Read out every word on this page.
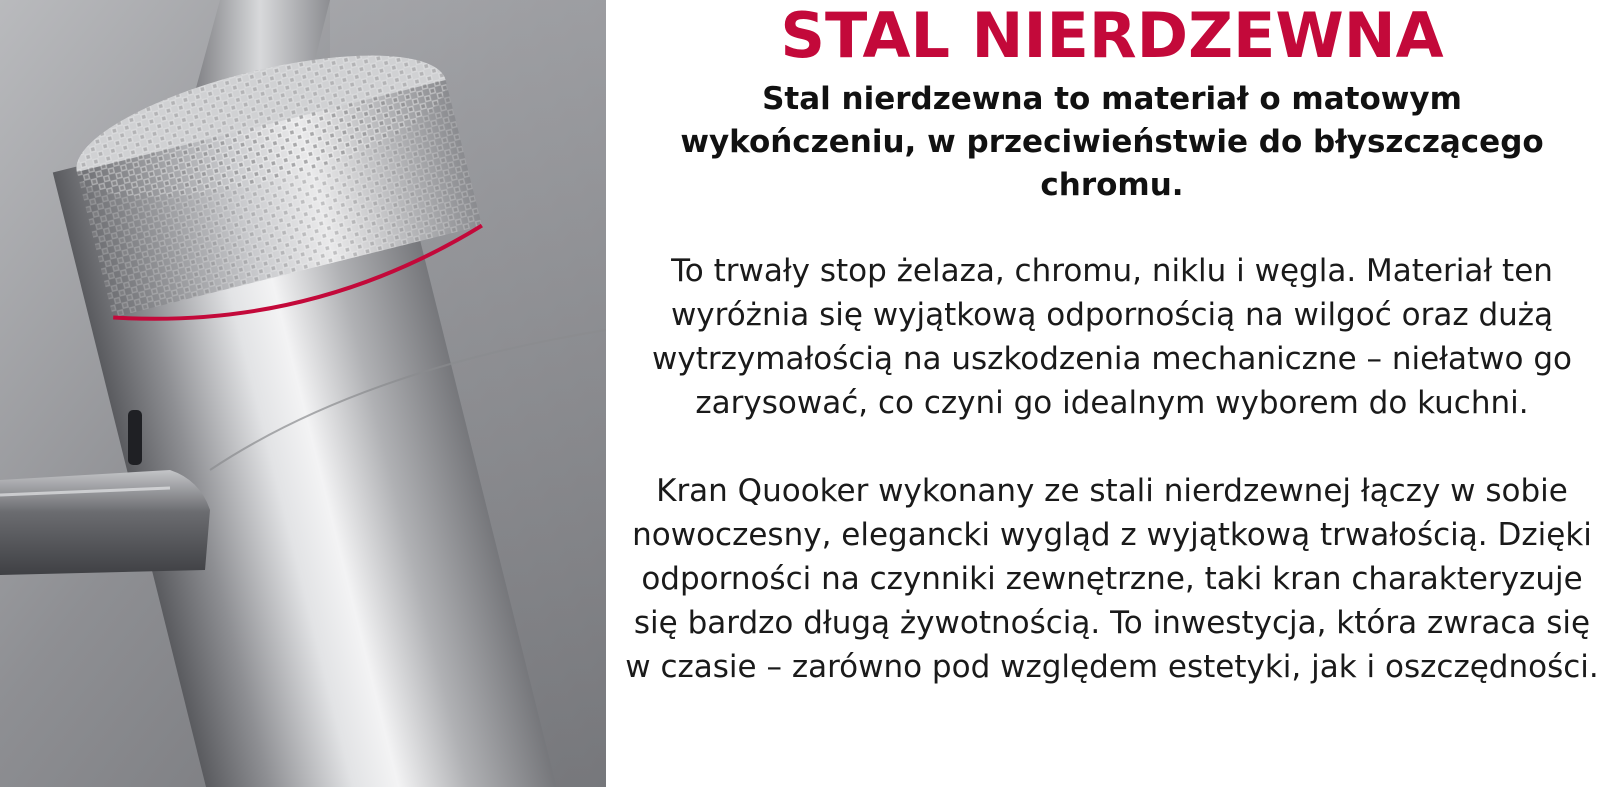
STAL NIERDZEWNA

Stal nierdzewna to materiał o matowym wykończeniu, w przeciwieństwie do błyszczącego chromu.

To trwały stop żelaza, chromu, niklu i węgla. Materiał ten wyróżnia się wyjątkową odpornością na wilgoć oraz dużą wytrzymałością na uszkodzenia mechaniczne – niełatwo go zarysować, co czyni go idealnym wyborem do kuchni.

Kran Quooker wykonany ze stali nierdzewnej łączy w sobie nowoczesny, elegancki wygląd z wyjątkową trwałością. Dzięki odporności na czynniki zewnętrzne, taki kran charakteryzuje się bardzo długą żywotnością. To inwestycja, która zwraca się w czasie – zarówno pod względem estetyki, jak i oszczędności.
